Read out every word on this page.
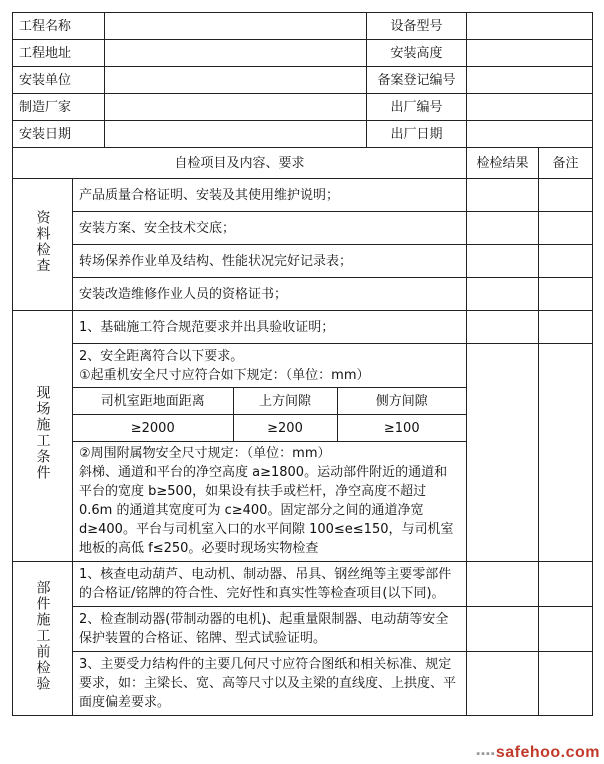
工程名称		设备型号	
工程地址		安装高度	
安装单位		备案登记编号	
制造厂家		出厂编号	
安装日期		出厂日期	
自检项目及内容、要求	检检结果	备注
资料检查	产品质量合格证明、安装及其使用维护说明；		
安装方案、安全技术交底；		
转场保养作业单及结构、性能状况完好记录表；		
安装改造维修作业人员的资格证书；		
现场施工条件	1、基础施工符合规范要求并出具验收证明；		

2、安全距离符合以下要求。
①起重机安全尺寸应符合如下规定：（单位：mm）
司机室距地面距离	上方间隙	侧方间隙
≥2000	≥200	≥100
②周围附属物安全尺寸规定：（单位：mm）
斜梯、通道和平台的净空高度 a≥1800。运动部件附近的通道和平台的宽度 b≥500，如果设有扶手或栏杆，净空高度不超过 0.6m 的通道其宽度可为 c≥400。固定部分之间的通道净宽 d≥400。平台与司机室入口的水平间隙 100≤e≤150，与司机室地板的高低 f≤250。必要时现场实物检查

部件施工前检验	1、核查电动葫芦、电动机、制动器、吊具、钢丝绳等主要零部件的合格证/铭牌的符合性、完好性和真实性等检查项目(以下同)。		
2、检查制动器(带制动器的电机)、起重量限制器、电动葫等安全保护装置的合格证、铭牌、型式试验证明。		
3、主要受力结构件的主要几何尺寸应符合图纸和相关标准、规定要求，如：主梁长、宽、高等尺寸以及主梁的直线度、上拱度、平面度偏差要求。		
▪▪▪▪safehoo.com
